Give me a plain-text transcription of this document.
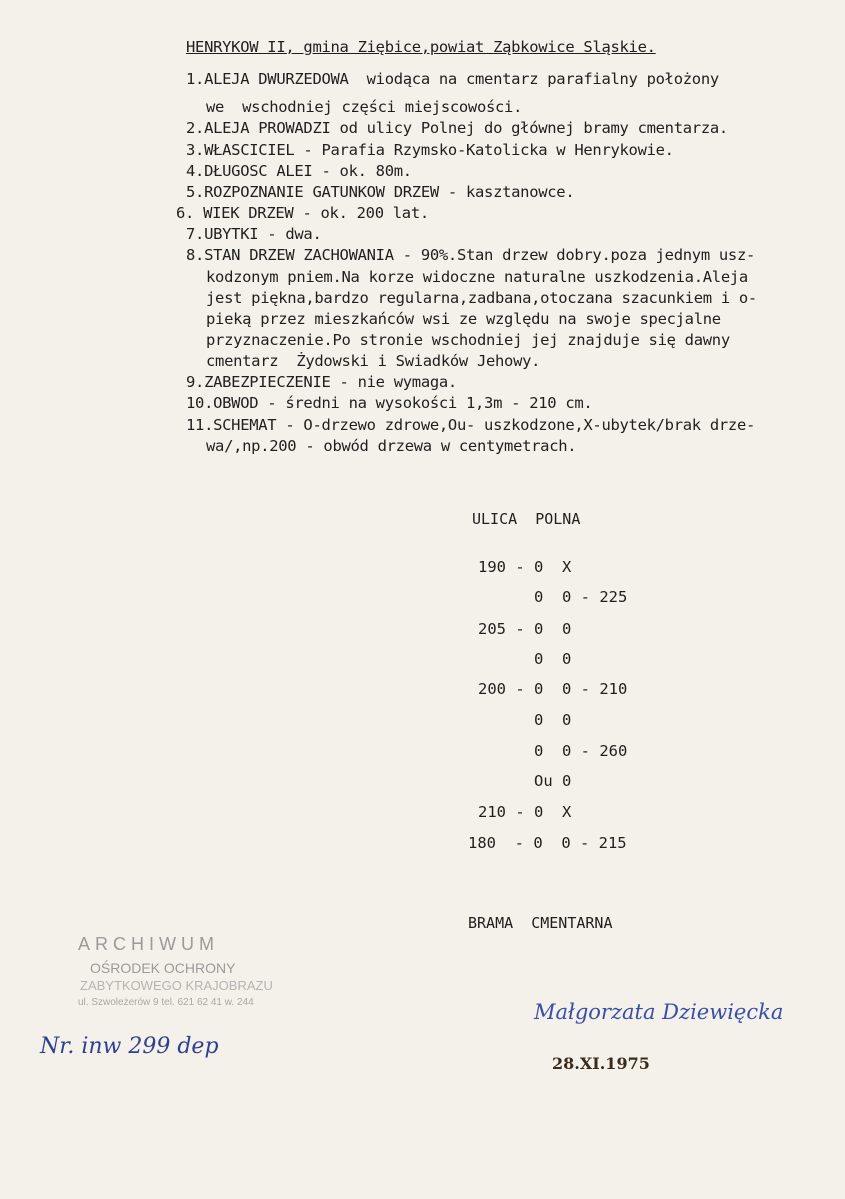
HENRYKOW II, gmina Ziębice,powiat Ząbkowice Sląskie.
1.ALEJA DWURZEDOWA  wiodąca na cmentarz parafialny położony
we  wschodniej części miejscowości.
2.ALEJA PROWADZI od ulicy Polnej do głównej bramy cmentarza.
3.WŁASCICIEL - Parafia Rzymsko-Katolicka w Henrykowie.
4.DŁUGOSC ALEI - ok. 80m.
5.ROZPOZNANIE GATUNKOW DRZEW - kasztanowce.
6. WIEK DRZEW - ok. 200 lat.
7.UBYTKI - dwa.
8.STAN DRZEW ZACHOWANIA - 90%.Stan drzew dobry.poza jednym usz-
kodzonym pniem.Na korze widoczne naturalne uszkodzenia.Aleja
jest piękna,bardzo regularna,zadbana,otoczana szacunkiem i o-
pieką przez mieszkańców wsi ze względu na swoje specjalne
przyznaczenie.Po stronie wschodniej jej znajduje się dawny
cmentarz  Żydowski i Swiadków Jehowy.
9.ZABEZPIECZENIE - nie wymaga.
10.OBWOD - średni na wysokości 1,3m - 210 cm.
11.SCHEMAT - O-drzewo zdrowe,Ou- uszkodzone,X-ubytek/brak drze-
wa/,np.200 - obwód drzewa w centymetrach.
ULICA  POLNA
190 - 0  X
0  0 - 225
205 - 0  0
0  0
200 - 0  0 - 210
0  0
0  0 - 260
Ou 0
210 - 0  X
180  - 0  0 - 215
BRAMA  CMENTARNA
ARCHIWUM
OŚRODEK OCHRONY
ZABYTKOWEGO KRAJOBRAZU
ul. Szwoleżerów 9 tel. 621 62 41 w. 244
Nr. inw 299 dep
Małgorzata Dziewięcka
28.XI.1975
